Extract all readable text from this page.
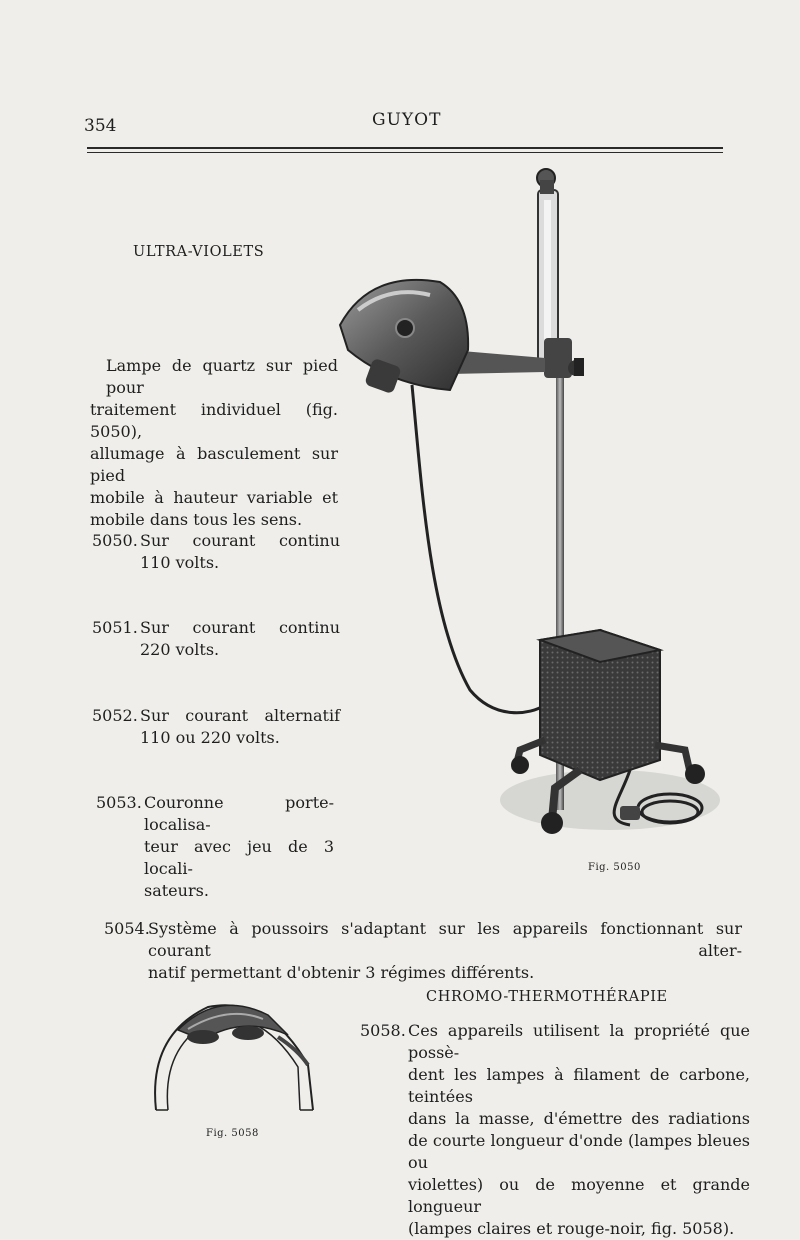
354	GUYOT
ULTRA-VIOLETS
Lampe de quartz sur pied pour
traitement individuel (fig. 5050),
allumage à basculement sur pied
mobile à hauteur variable et
mobile dans tous les sens.
5050. Sur courant continu
110 volts.
5051. Sur courant continu
220 volts.
5052. Sur courant alternatif
110 ou 220 volts.
5053. Couronne porte-localisa-
teur avec jeu de 3 locali-
sateurs.
Fig. 5050
5054.
Système à poussoirs s'adaptant sur les appareils fonctionnant sur courant alter-
natif permettant d'obtenir 3 régimes différents.
CHROMO-THERMOTHÉRAPIE
5058. Ces appareils utilisent la propriété que possè-
dent les lampes à filament de carbone, teintées
dans la masse, d'émettre des radiations
de courte longueur d'onde (lampes bleues ou
violettes) ou de moyenne et grande longueur
(lampes claires et rouge-noir, fig. 5058).
Fig. 5058
